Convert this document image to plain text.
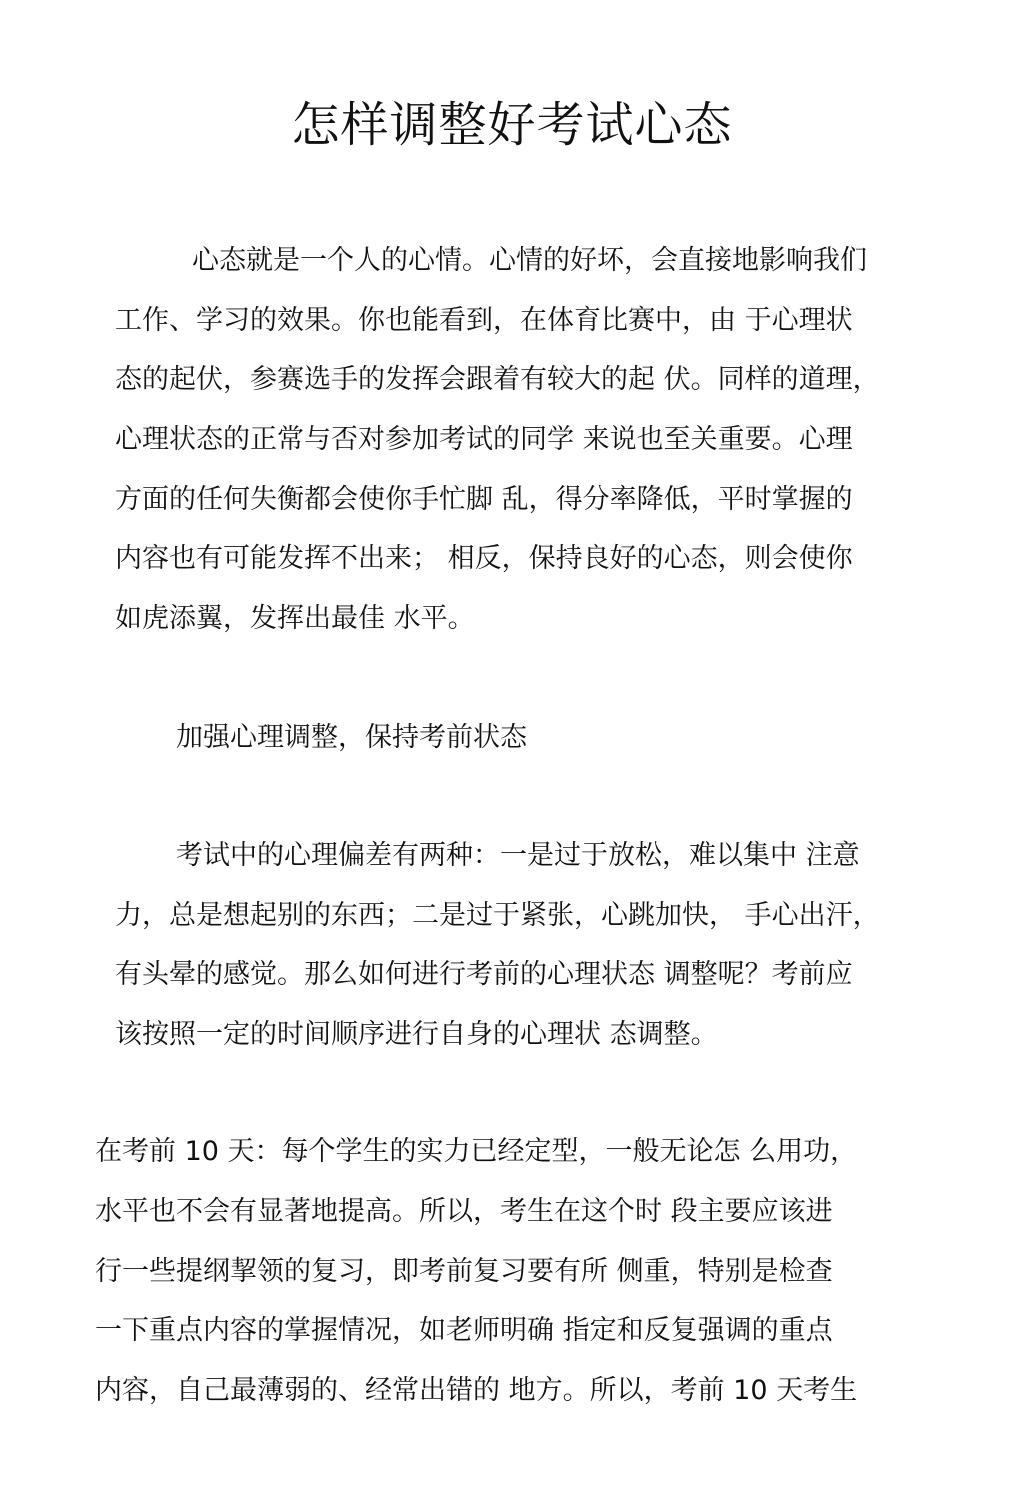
怎样调整好考试心态

心态就是一个人的心情。心情的好坏，会直接地影响我们

工作、学习的效果。你也能看到，在体育比赛中，由 于心理状

态的起伏，参赛选手的发挥会跟着有较大的起 伏。同样的道理，

心理状态的正常与否对参加考试的同学 来说也至关重要。心理

方面的任何失衡都会使你手忙脚 乱，得分率降低，平时掌握的

内容也有可能发挥不出来； 相反，保持良好的心态，则会使你

如虎添翼，发挥出最佳 水平。

加强心理调整，保持考前状态

考试中的心理偏差有两种：一是过于放松，难以集中 注意

力，总是想起别的东西；二是过于紧张，心跳加快， 手心出汗，

有头晕的感觉。那么如何进行考前的心理状态 调整呢？考前应

该按照一定的时间顺序进行自身的心理状 态调整。

在考前 10 天：每个学生的实力已经定型，一般无论怎 么用功，

水平也不会有显著地提高。所以，考生在这个时 段主要应该进

行一些提纲挈领的复习，即考前复习要有所 侧重，特别是检查

一下重点内容的掌握情况，如老师明确 指定和反复强调的重点

内容，自己最薄弱的、经常出错的 地方。所以，考前 10 天考生
